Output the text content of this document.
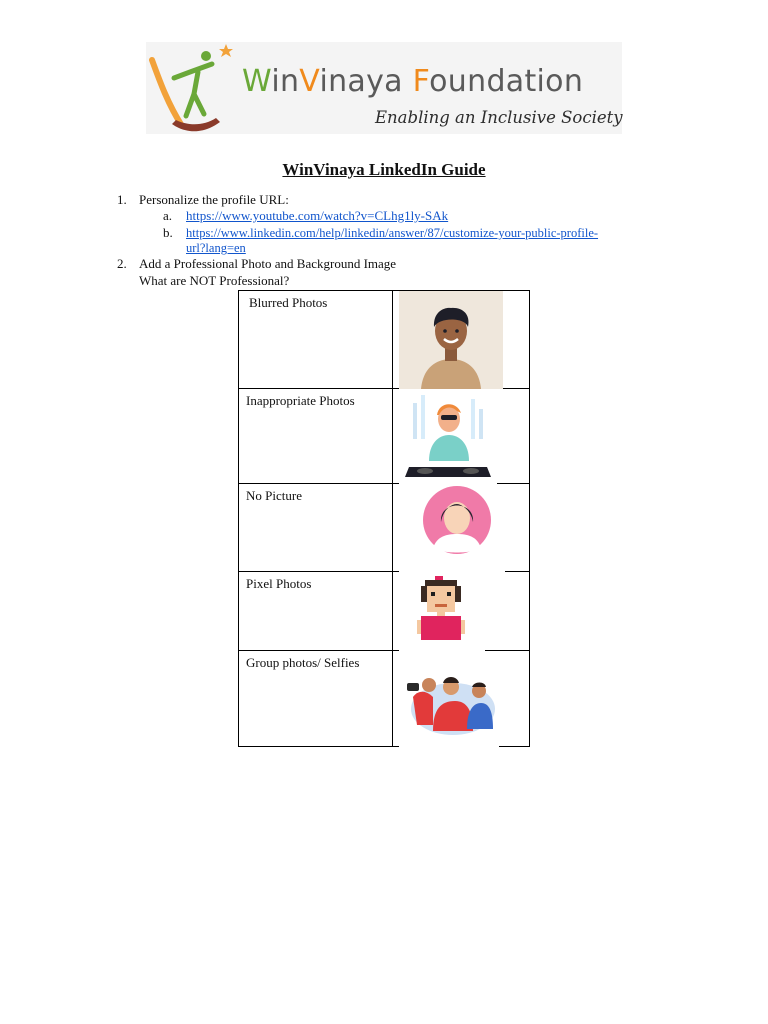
WinVinaya Foundation
Enabling an Inclusive Society
WinVinaya LinkedIn Guide
1. Personalize the profile URL:
a. https://www.youtube.com/watch?v=CLhg1ly-SAk
b. https://www.linkedin.com/help/linkedin/answer/87/customize-your-public-profile-
url?lang=en
2. Add a Professional Photo and Background Image
What are NOT Professional?
Blurred Photos

Inappropriate Photos

No Picture

Pixel Photos

Group photos/ Selfies
